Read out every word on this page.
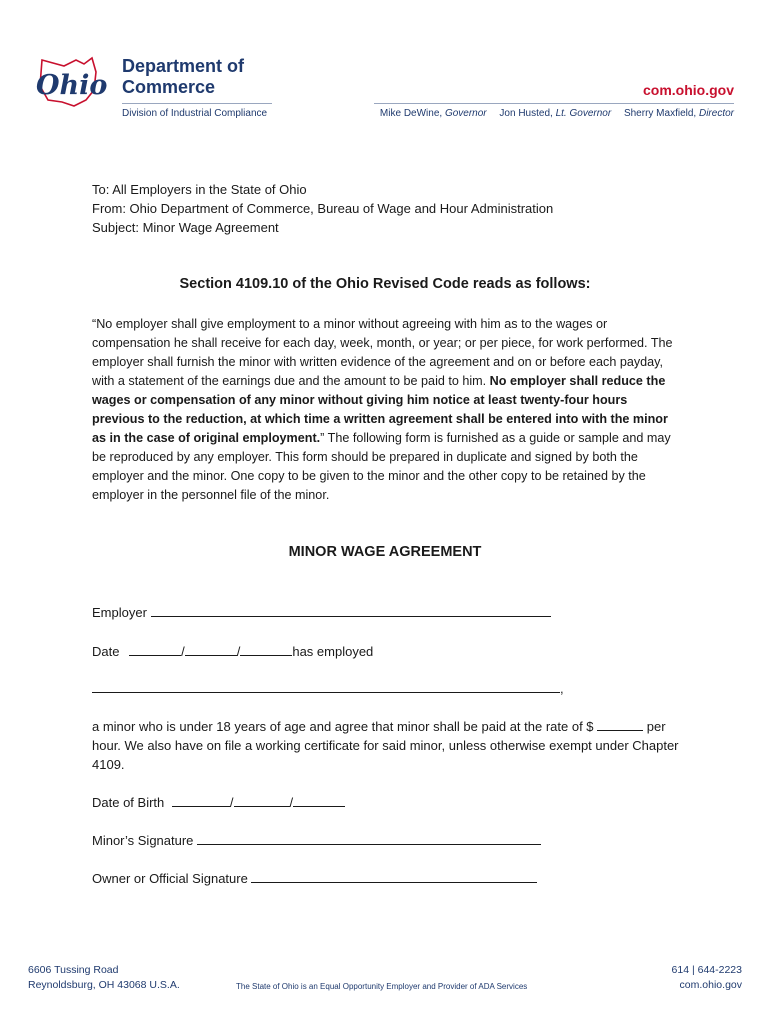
Ohio
Department of
Commerce
Division of Industrial Compliance
com.ohio.gov
Mike DeWine, Governor Jon Husted, Lt. Governor Sherry Maxfield, Director
To: All Employers in the State of Ohio
From: Ohio Department of Commerce, Bureau of Wage and Hour Administration
Subject: Minor Wage Agreement
Section 4109.10 of the Ohio Revised Code reads as follows:
“No employer shall give employment to a minor without agreeing with him as to the wages or compensation he shall receive for each day, week, month, or year; or per piece, for work performed. The employer shall furnish the minor with written evidence of the agreement and on or before each payday, with a statement of the earnings due and the amount to be paid to him. No employer shall reduce the wages or compensation of any minor without giving him notice at least twenty-four hours previous to the reduction, at which time a written agreement shall be entered into with the minor as in the case of original employment.” The following form is furnished as a guide or sample and may be reproduced by any employer. This form should be prepared in duplicate and signed by both the employer and the minor. One copy to be given to the minor and the other copy to be retained by the employer in the personnel file of the minor.
MINOR WAGE AGREEMENT
Employer
Date	/	/	has employed
,
a minor who is under 18 years of age and agree that minor shall be paid at the rate of $	per hour. We also have on file a working certificate for said minor, unless otherwise exempt under Chapter 4109.
Date of Birth	/	/
Minor’s Signature
Owner or Official Signature
6606 Tussing Road
Reynoldsburg, OH 43068 U.S.A.	The State of Ohio is an Equal Opportunity Employer and Provider of ADA Services
614 | 644-2223
com.ohio.gov
